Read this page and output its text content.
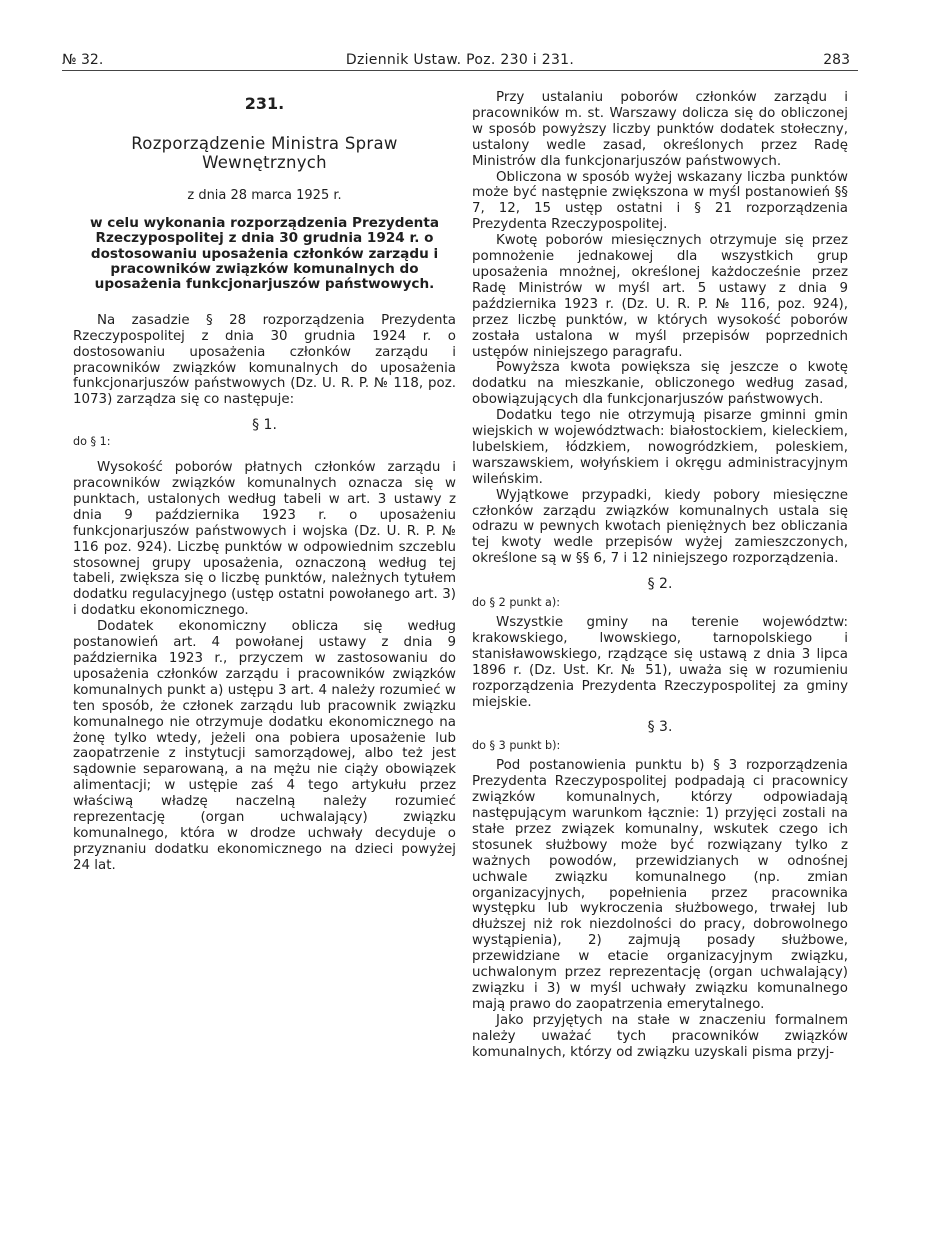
№ 32.	Dziennik Ustaw. Poz. 230 i 231.	283
231.
Rozporządzenie Ministra Spraw
Wewnętrznych
z dnia 28 marca 1925 r.
w celu wykonania rozporządzenia Prezydenta Rzeczypospolitej z dnia 30 grudnia 1924 r. o dostosowaniu uposażenia członków zarządu i pracowników związków komunalnych do uposażenia funkcjonarjuszów państwowych.

Na zasadzie § 28 rozporządzenia Prezydenta Rzeczypospolitej z dnia 30 grudnia 1924 r. o dostosowaniu uposażenia członków zarządu i pracowników związków komunalnych do uposażenia funkcjonarjuszów państwowych (Dz. U. R. P. № 118, poz. 1073) zarządza się co następuje:

§ 1.
do § 1:

Wysokość poborów płatnych członków zarządu i pracowników związków komunalnych oznacza się w punktach, ustalonych według tabeli w art. 3 ustawy z dnia 9 października 1923 r. o uposażeniu funkcjonarjuszów państwowych i wojska (Dz. U. R. P. № 116 poz. 924). Liczbę punktów w odpowiednim szczeblu stosownej grupy uposażenia, oznaczoną według tej tabeli, zwiększa się o liczbę punktów, należnych tytułem dodatku regulacyjnego (ustęp ostatni powołanego art. 3) i dodatku ekonomicznego.

Dodatek ekonomiczny oblicza się według postanowień art. 4 powołanej ustawy z dnia 9 października 1923 r., przyczem w zastosowaniu do uposażenia członków zarządu i pracowników związków komunalnych punkt a) ustępu 3 art. 4 należy rozumieć w ten sposób, że członek zarządu lub pracownik związku komunalnego nie otrzymuje dodatku ekonomicznego na żonę tylko wtedy, jeżeli ona pobiera uposażenie lub zaopatrzenie z instytucji samorządowej, albo też jest sądownie separowaną, a na mężu nie ciąży obowiązek alimentacji; w ustępie zaś 4 tego artykułu przez właściwą władzę naczelną należy rozumieć reprezentację (organ uchwalający) związku komunalnego, która w drodze uchwały decyduje o przyznaniu dodatku ekonomicznego na dzieci powyżej 24 lat.

Przy ustalaniu poborów członków zarządu i pracowników m. st. Warszawy dolicza się do obliczonej w sposób powyższy liczby punktów dodatek stołeczny, ustalony wedle zasad, określonych przez Radę Ministrów dla funkcjonarjuszów państwowych.

Obliczona w sposób wyżej wskazany liczba punktów może być następnie zwiększona w myśl postanowień §§ 7, 12, 15 ustęp ostatni i § 21 rozporządzenia Prezydenta Rzeczypospolitej.

Kwotę poborów miesięcznych otrzymuje się przez pomnożenie jednakowej dla wszystkich grup uposażenia mnożnej, określonej każdocześnie przez Radę Ministrów w myśl art. 5 ustawy z dnia 9 października 1923 r. (Dz. U. R. P. № 116, poz. 924), przez liczbę punktów, w których wysokość poborów została ustalona w myśl przepisów poprzednich ustępów niniejszego paragrafu.

Powyższa kwota powiększa się jeszcze o kwotę dodatku na mieszkanie, obliczonego według zasad, obowiązujących dla funkcjonarjuszów państwowych.

Dodatku tego nie otrzymują pisarze gminni gmin wiejskich w województwach: białostockiem, kieleckiem, lubelskiem, łódzkiem, nowogródzkiem, poleskiem, warszawskiem, wołyńskiem i okręgu administracyjnym wileńskim.

Wyjątkowe przypadki, kiedy pobory miesięczne członków zarządu związków komunalnych ustala się odrazu w pewnych kwotach pieniężnych bez obliczania tej kwoty wedle przepisów wyżej zamieszczonych, określone są w §§ 6, 7 i 12 niniejszego rozporządzenia.

§ 2.
do § 2 punkt a):

Wszystkie gminy na terenie województw: krakowskiego, lwowskiego, tarnopolskiego i stanisławowskiego, rządzące się ustawą z dnia 3 lipca 1896 r. (Dz. Ust. Kr. № 51), uważa się w rozumieniu rozporządzenia Prezydenta Rzeczypospolitej za gminy miejskie.

§ 3.
do § 3 punkt b):

Pod postanowienia punktu b) § 3 rozporządzenia Prezydenta Rzeczypospolitej podpadają ci pracownicy związków komunalnych, którzy odpowiadają następującym warunkom łącznie: 1) przyjęci zostali na stałe przez związek komunalny, wskutek czego ich stosunek służbowy może być rozwiązany tylko z ważnych powodów, przewidzianych w odnośnej uchwale związku komunalnego (np. zmian organizacyjnych, popełnienia przez pracownika występku lub wykroczenia służbowego, trwałej lub dłuższej niż rok niezdolności do pracy, dobrowolnego wystąpienia), 2) zajmują posady służbowe, przewidziane w etacie organizacyjnym związku, uchwalonym przez reprezentację (organ uchwalający) związku i 3) w myśl uchwały związku komunalnego mają prawo do zaopatrzenia emerytalnego.

Jako przyjętych na stałe w znaczeniu formalnem należy uważać tych pracowników związków komunalnych, którzy od związku uzyskali pisma przyj-
